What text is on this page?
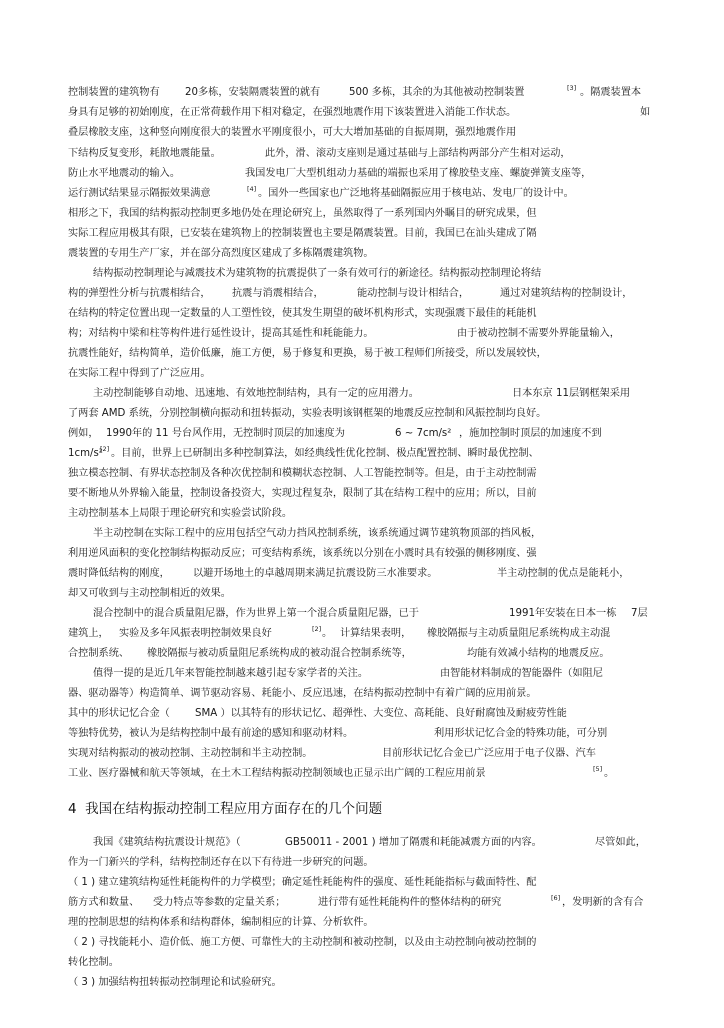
控制装置的建筑物有

20多栋，安装隔震装置的就有

	500 多栋，其余的为其他被动控制装置

	[3]

。隔震装置本

身具有足够的初始刚度，在正常荷载作用下相对稳定，在强烈地震作用下该装置进入消能工作状态。

	如

叠层橡胶支座，这种竖向刚度很大的装置水平刚度很小，可大大增加基础的自振周期，强烈地震作用

下结构反复变形，耗散地震能量。

	此外，滑、滚动支座则是通过基础与上部结构两部分产生相对运动，

防止水平地震动的输入。

	我国发电厂大型机组动力基础的端振也采用了橡胶垫支座、螺旋弹簧支座等，

运行测试结果显示隔振效果满意

	[4]

。国外一些国家也广泛地将基础隔振应用于核电站、发电厂的设计中。

相形之下，我国的结构振动控制更多地仍处在理论研究上，虽然取得了一系列国内外瞩目的研究成果，但

实际工程应用极其有限，已安装在建筑物上的控制装置也主要是隔震装置。目前，我国已在汕头建成了隔

震装置的专用生产厂家，并在部分高烈度区建成了多栋隔震建筑物。

结构振动控制理论与减震技术为建筑物的抗震提供了一条有效可行的新途径。结构振动控制理论将结

构的弹塑性分析与抗震相结合，

抗震与消震相结合，

	能动控制与设计相结合，

	通过对建筑结构的控制设计，

在结构的特定位置出现一定数量的人工塑性铰，使其发生期望的破坏机构形式，实现强震下最佳的耗能机

构；对结构中梁和柱等构件进行延性设计，提高其延性和耗能能力。

	由于被动控制不需要外界能量输入，

抗震性能好，结构简单，造价低廉，施工方便，易于修复和更换，易于被工程师们所接受，所以发展较快，

在实际工程中得到了广泛应用。

主动控制能够自动地、迅速地、有效地控制结构，具有一定的应用潜力。

	日本东京 11层钢框架采用

了两套 AMD 系统，分别控制横向振动和扭转振动，实验表明该钢框架的地震反应控制和风振控制均良好。

例如，

1990年的 11 号台风作用，无控制时顶层的加速度为

	6 ~ 7cm/s²

，施加控制时顶层的加速度不到

1cm/s²

[2]

。目前，世界上已研制出多种控制算法，如经典线性优化控制、极点配置控制、瞬时最优控制、

独立模态控制、有界状态控制及各种次优控制和模糊状态控制、人工智能控制等。但是，由于主动控制需

要不断地从外界输入能量，控制设备投资大，实现过程复杂，限制了其在结构工程中的应用；所以，目前

主动控制基本上局限于理论研究和实验尝试阶段。

半主动控制在实际工程中的应用包括空气动力挡风控制系统，该系统通过调节建筑物顶部的挡风板，

利用逆风面积的变化控制结构振动反应；可变结构系统，该系统以分别在小震时具有较强的侧移刚度、强

震时降低结构的刚度，

以避开场地土的卓越周期来满足抗震设防三水准要求。

	半主动控制的优点是能耗小，

却又可收到与主动控制相近的效果。

混合控制中的混合质量阻尼器，作为世界上第一个混合质量阻尼器，已于

	1991年安装在日本一栋

7层

建筑上，

实验及多年风振表明控制效果良好

	[2]

。

计算结果表明，

橡胶隔振与主动质量阻尼系统构成主动混

合控制系统、

橡胶隔振与被动质量阻尼系统构成的被动混合控制系统等，

	均能有效减小结构的地震反应。

值得一提的是近几年来智能控制越来越引起专家学者的关注。

	由智能材料制成的智能器件（如阻尼

器、驱动器等）构造简单、调节驱动容易、耗能小、反应迅速，在结构振动控制中有着广阔的应用前景。

其中的形状记忆合金（

SMA ）以其特有的形状记忆、超弹性、大变位、高耗能、良好耐腐蚀及耐疲劳性能

等独特优势，被认为是结构控制中最有前途的感知和驱动材料。

	利用形状记忆合金的特殊功能，可分别

实现对结构振动的被动控制、主动控制和半主动控制。

	目前形状记忆合金已广泛应用于电子仪器、汽车

工业、医疗器械和航天等领域，在土木工程结构振动控制领域也正显示出广阔的工程应用前景

	[5]

。

4  我国在结构振动控制工程应用方面存在的几个问题

我国《建筑结构抗震设计规范》（

	GB50011 - 2001 ) 增加了隔震和耗能减震方面的内容。

	尽管如此，

作为一门新兴的学科，结构控制还存在以下有待进一步研究的问题。

（ 1 ) 建立建筑结构延性耗能构件的力学模型；确定延性耗能构件的强度、延性耗能指标与截面特性、配

筋方式和数量、

受力特点等参数的定量关系；

	进行带有延性耗能构件的整体结构的研究

	[6]

，发明新的含有合

理的控制思想的结构体系和结构群体，编制相应的计算、分析软件。

（ 2 ) 寻找能耗小、造价低、施工方便、可靠性大的主动控制和被动控制，以及由主动控制向被动控制的

转化控制。

（ 3 ) 加强结构扭转振动控制理论和试验研究。
